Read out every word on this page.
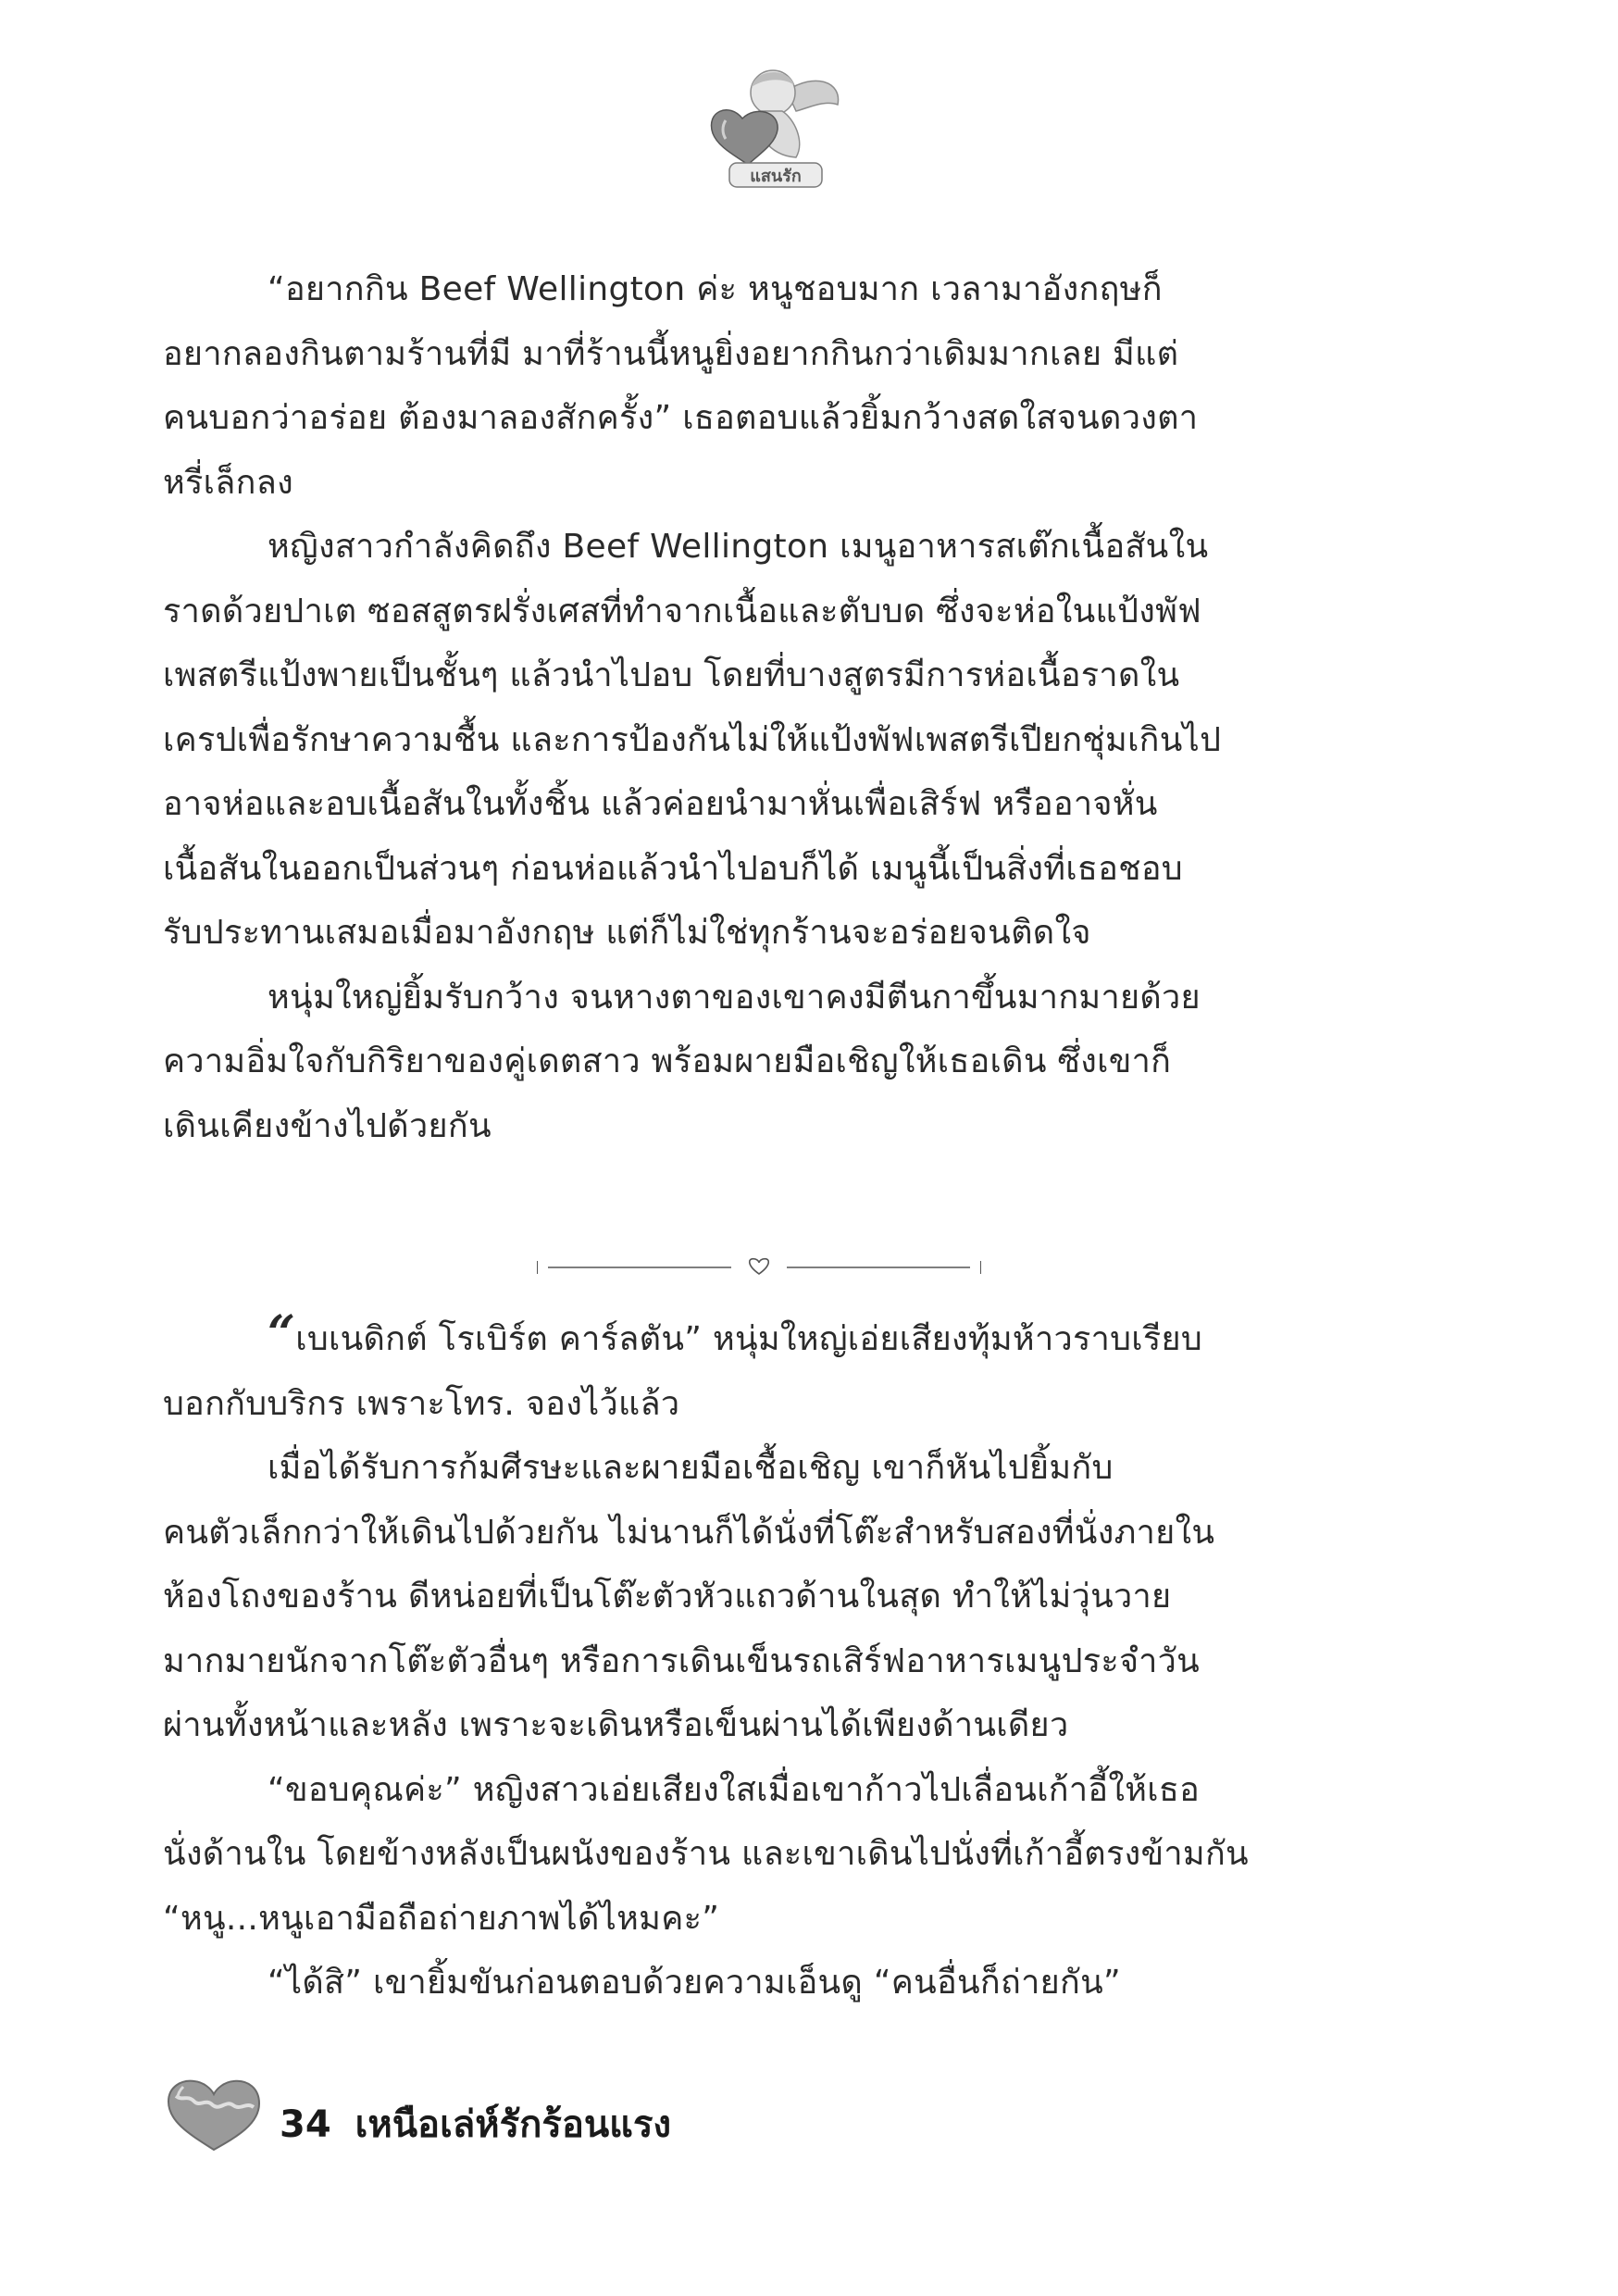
แสนรัก
“อยากกิน Beef Wellington ค่ะ หนูชอบมาก เวลามาอังกฤษก็
อยากลองกินตามร้านที่มี มาที่ร้านนี้หนูยิ่งอยากกินกว่าเดิมมากเลย มีแต่
คนบอกว่าอร่อย ต้องมาลองสักครั้ง” เธอตอบแล้วยิ้มกว้างสดใสจนดวงตา
หรี่เล็กลง
หญิงสาวกำลังคิดถึง Beef Wellington เมนูอาหารสเต๊กเนื้อสันใน
ราดด้วยปาเต ซอสสูตรฝรั่งเศสที่ทำจากเนื้อและตับบด ซึ่งจะห่อในแป้งพัฟ
เพสตรีแป้งพายเป็นชั้นๆ แล้วนำไปอบ โดยที่บางสูตรมีการห่อเนื้อราดใน
เครปเพื่อรักษาความชื้น และการป้องกันไม่ให้แป้งพัฟเพสตรีเปียกชุ่มเกินไป
อาจห่อและอบเนื้อสันในทั้งชิ้น แล้วค่อยนำมาหั่นเพื่อเสิร์ฟ หรืออาจหั่น
เนื้อสันในออกเป็นส่วนๆ ก่อนห่อแล้วนำไปอบก็ได้ เมนูนี้เป็นสิ่งที่เธอชอบ
รับประทานเสมอเมื่อมาอังกฤษ แต่ก็ไม่ใช่ทุกร้านจะอร่อยจนติดใจ
หนุ่มใหญ่ยิ้มรับกว้าง จนหางตาของเขาคงมีตีนกาขึ้นมากมายด้วย
ความอิ่มใจกับกิริยาของคู่เดตสาว พร้อมผายมือเชิญให้เธอเดิน ซึ่งเขาก็
เดินเคียงข้างไปด้วยกัน
“เบเนดิกต์ โรเบิร์ต คาร์ลตัน” หนุ่มใหญ่เอ่ยเสียงทุ้มห้าวราบเรียบ
บอกกับบริกร เพราะโทร. จองไว้แล้ว
เมื่อได้รับการก้มศีรษะและผายมือเชื้อเชิญ เขาก็หันไปยิ้มกับ
คนตัวเล็กกว่าให้เดินไปด้วยกัน ไม่นานก็ได้นั่งที่โต๊ะสำหรับสองที่นั่งภายใน
ห้องโถงของร้าน ดีหน่อยที่เป็นโต๊ะตัวหัวแถวด้านในสุด ทำให้ไม่วุ่นวาย
มากมายนักจากโต๊ะตัวอื่นๆ หรือการเดินเข็นรถเสิร์ฟอาหารเมนูประจำวัน
ผ่านทั้งหน้าและหลัง เพราะจะเดินหรือเข็นผ่านได้เพียงด้านเดียว
“ขอบคุณค่ะ” หญิงสาวเอ่ยเสียงใสเมื่อเขาก้าวไปเลื่อนเก้าอี้ให้เธอ
นั่งด้านใน โดยข้างหลังเป็นผนังของร้าน และเขาเดินไปนั่งที่เก้าอี้ตรงข้ามกัน
“หนู...หนูเอามือถือถ่ายภาพได้ไหมคะ”
“ได้สิ” เขายิ้มขันก่อนตอบด้วยความเอ็นดู “คนอื่นก็ถ่ายกัน”
34 เหนือเล่ห์รักร้อนแรง
